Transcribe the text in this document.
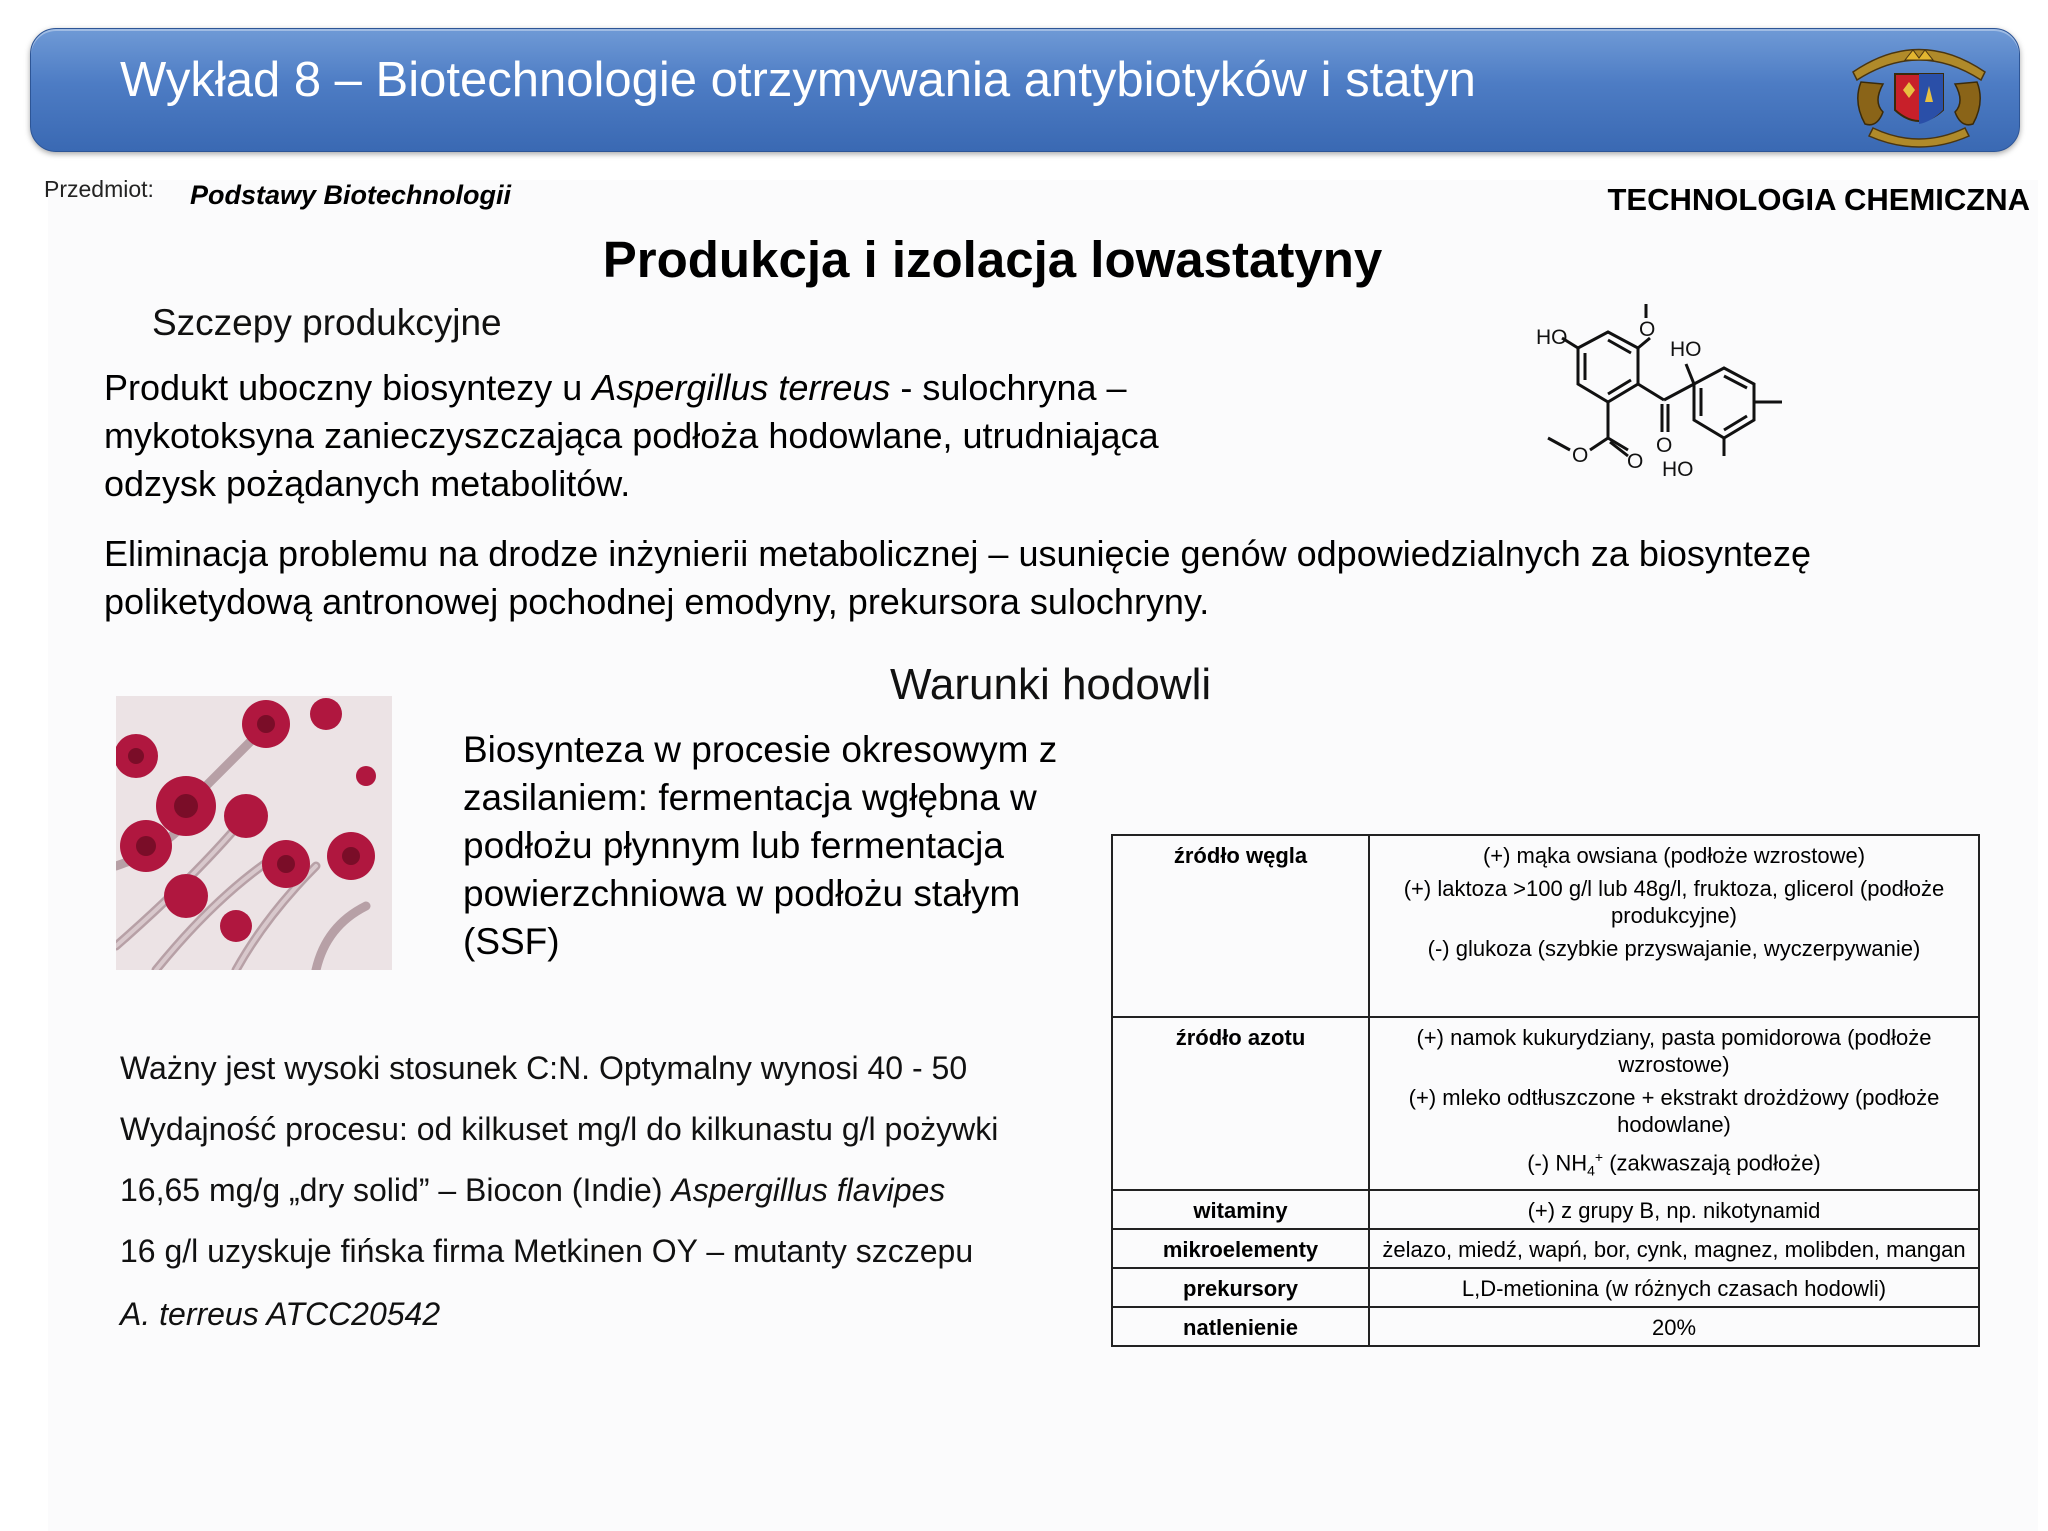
Wykład 8 – Biotechnologie otrzymywania antybiotyków i statyn
Przedmiot: Podstawy Biotechnologii	TECHNOLOGIA CHEMICZNA
Produkcja i izolacja lowastatyny
Szczepy produkcyjne
Produkt uboczny biosyntezy u Aspergillus terreus - sulochryna – mykotoksyna zanieczyszczająca podłoża hodowlane, utrudniająca odzysk pożądanych metabolitów.
Eliminacja problemu na drodze inżynierii metabolicznej – usunięcie genów odpowiedzialnych za biosyntezę poliketydową antronowej pochodnej emodyny, prekursora sulochryny.
HO	O
HO
O
O
O
HO
Warunki hodowli
Biosynteza w procesie okresowym z zasilaniem: fermentacja wgłębna w podłożu płynnym lub fermentacja powierzchniowa w podłożu stałym (SSF)
Ważny jest wysoki stosunek C:N. Optymalny wynosi 40 - 50
Wydajność procesu: od kilkuset mg/l do kilkunastu g/l pożywki
16,65 mg/g „dry solid” – Biocon (Indie) Aspergillus flavipes
16 g/l uzyskuje fińska firma Metkinen OY – mutanty szczepu
A. terreus ATCC20542
źródło węgla	(+) mąka owsiana (podłoże wzrostowe)
(+) laktoza >100 g/l lub 48g/l, fruktoza, glicerol (podłoże produkcyjne)
(-) glukoza (szybkie przyswajanie, wyczerpywanie)

źródło azotu	(+) namok kukurydziany, pasta pomidorowa (podłoże wzrostowe)
(+) mleko odtłuszczone + ekstrakt drożdżowy (podłoże hodowlane)
(-) $NH_4^+$ (zakwaszają podłoże)

witaminy	(+) z grupy B, np. nikotynamid

mikroelementy	żelazo, miedź, wapń, bor, cynk, magnez, molibden, mangan

prekursory	L,D-metionina (w różnych czasach hodowli)

natlenienie	20%
